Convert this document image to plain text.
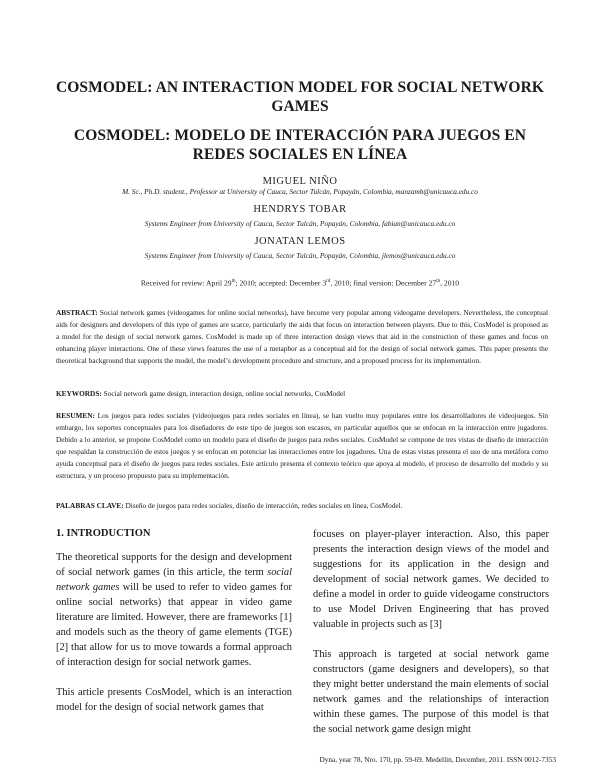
COSMODEL: AN INTERACTION MODEL FOR SOCIAL NETWORK
GAMES
COSMODEL: MODELO DE INTERACCIÓN PARA JUEGOS EN
REDES SOCIALES EN LÍNEA
MIGUEL NIÑO
M. Sc., Ph.D. student., Professor at University of Cauca, Sector Tulcán, Popayán, Colombia, manzamb@unicauca.edu.co
HENDRYS TOBAR
Systems Engineer from University of Cauca, Sector Tulcán, Popayán, Colombia, fabian@unicauca.edu.co
JONATAN LEMOS
Systems Engineer from University of Cauca, Sector Tulcán, Popayán, Colombia, jlemos@unicauca.edu.co
Received for review: April 29th; 2010; accepted: December 3rd, 2010; final version: December 27th, 2010
ABSTRACT: Social network games (videogames for online social networks), have become very popular among videogame developers. Nevertheless, the conceptual aids for designers and developers of this type of games are scarce, particularly the aids that focus on interaction between players. Due to this, CosModel is proposed as a model for the design of social network games. CosModel is made up of three interaction design views that aid in the construction of these games and focus on enhancing player interactions. One of these views features the use of a metaphor as a conceptual aid for the design of social network games. This paper presents the theoretical background that supports the model, the model’s development procedure and structure, and a proposed process for its implementation.
KEYWORDS: Social network game design, interaction design, online social networks, CosModel
RESUMEN: Los juegos para redes sociales (videojuegos para redes sociales en línea), se han vuelto muy populares entre los desarrolladores de videojuegos. Sin embargo, los soportes conceptuales para los diseñadores de este tipo de juegos son escasos, en particular aquellos que se enfocan en la interacción entre jugadores. Debido a lo anterior, se propone CosModel como un modelo para el diseño de juegos para redes sociales. CosModel se compone de tres vistas de diseño de interacción que respaldan la construcción de estos juegos y se enfocan en potenciar las interacciones entre los jugadores. Una de estas vistas presenta el uso de una metáfora como ayuda conceptual para el diseño de juegos para redes sociales. Este artículo presenta el contexto teórico que apoya al modelo, el proceso de desarrollo del modelo y su estructura, y un proceso propuesto para su implementación.
PALABRAS CLAVE: Diseño de juegos para redes sociales, diseño de interacción, redes sociales en línea, CosModel.
1. INTRODUCTION

The theoretical supports for the design and development of social network games (in this article, the term social network games will be used to refer to video games for online social networks) that appear in video game literature are limited. However, there are frameworks [1] and models such as the theory of game elements (TGE) [2] that allow for us to move towards a formal approach of interaction design for social network games.

This article presents CosModel, which is an interaction model for the design of social network games that

focuses on player-player interaction. Also, this paper presents the interaction design views of the model and suggestions for its application in the design and development of social network games. We decided to define a model in order to guide videogame constructors to use Model Driven Engineering that has proved valuable in projects such as [3]

This approach is targeted at social network game constructors (game designers and developers), so that they might better understand the main elements of social network games and the relationships of interaction within these games. The purpose of this model is that the social network game design might

Dyna, year 78, Nro. 170, pp. 59-69. Medellin, December, 2011. ISSN 0012-7353
